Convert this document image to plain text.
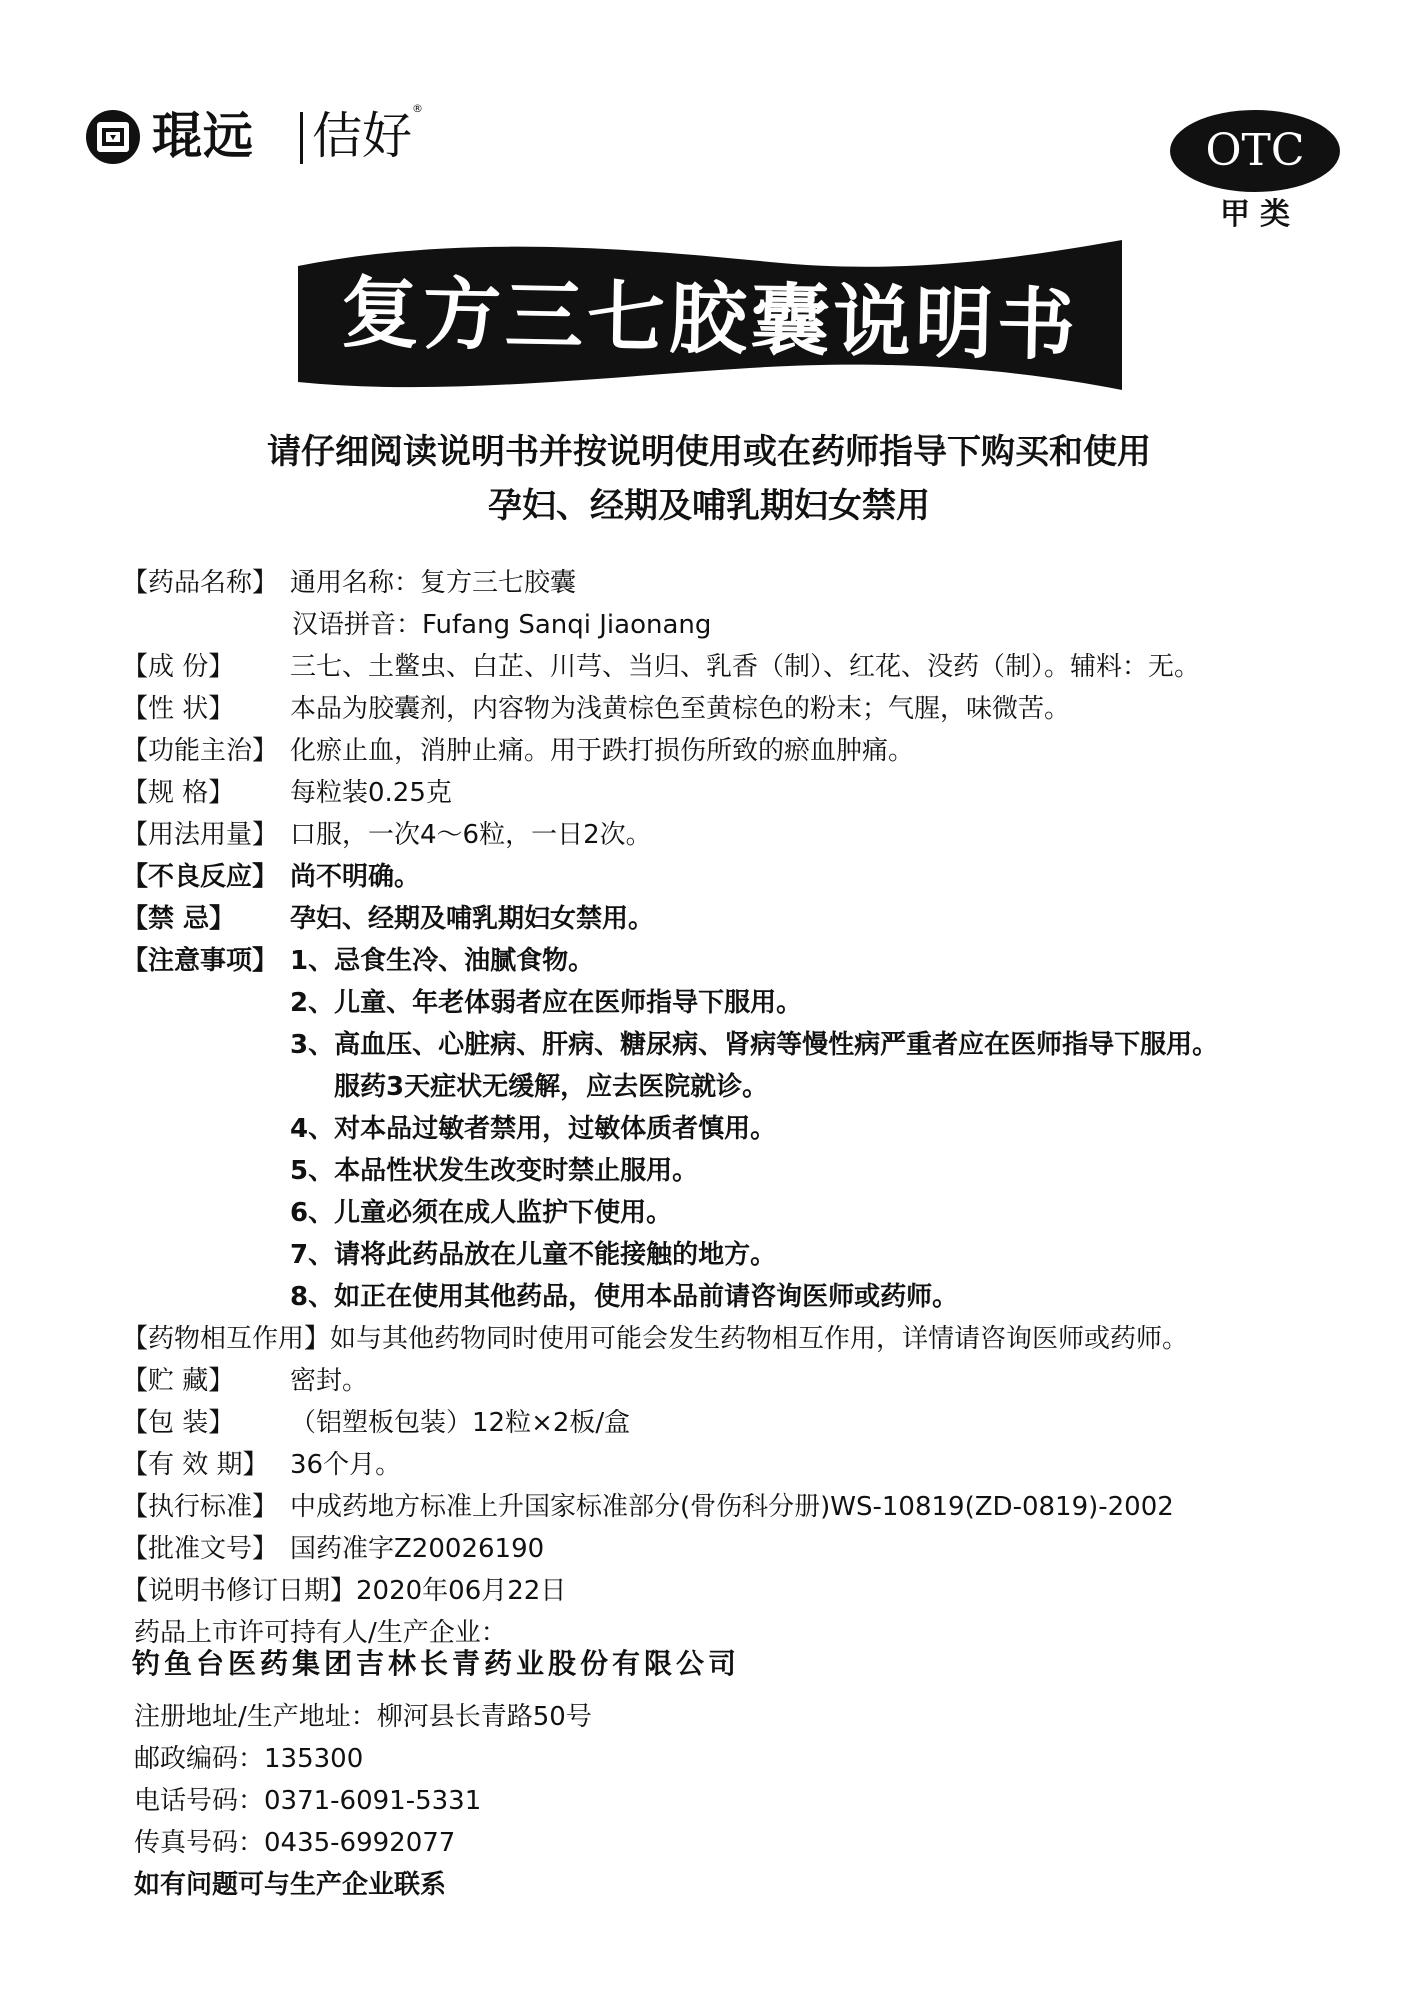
琨远 佶好 ®
OTC
甲类
复方三七胶囊说明书
请仔细阅读说明书并按说明使用或在药师指导下购买和使用
孕妇、经期及哺乳期妇女禁用
【药品名称】 通用名称：复方三七胶囊
汉语拼音：Fufang Sanqi Jiaonang
【成 份】 三七、土鳖虫、白芷、川芎、当归、乳香（制）、红花、没药（制）。辅料：无。
【性 状】 本品为胶囊剂，内容物为浅黄棕色至黄棕色的粉末；气腥，味微苦。
【功能主治】 化瘀止血，消肿止痛。用于跌打损伤所致的瘀血肿痛。
【规 格】 每粒装0.25克
【用法用量】 口服，一次4～6粒，一日2次。
【不良反应】 尚不明确。
【禁 忌】 孕妇、经期及哺乳期妇女禁用。
【注意事项】 1、忌食生冷、油腻食物。
2、儿童、年老体弱者应在医师指导下服用。
3、高血压、心脏病、肝病、糖尿病、肾病等慢性病严重者应在医师指导下服用。
服药3天症状无缓解，应去医院就诊。
4、对本品过敏者禁用，过敏体质者慎用。
5、本品性状发生改变时禁止服用。
6、儿童必须在成人监护下使用。
7、请将此药品放在儿童不能接触的地方。
8、如正在使用其他药品，使用本品前请咨询医师或药师。
【药物相互作用】如与其他药物同时使用可能会发生药物相互作用，详情请咨询医师或药师。
【贮 藏】 密封。
【包 装】 （铝塑板包装）12粒×2板/盒
【有 效 期】 36个月。
【执行标准】 中成药地方标准上升国家标准部分(骨伤科分册)WS-10819(ZD-0819)-2002
【批准文号】 国药准字Z20026190
【说明书修订日期】2020年06月22日
药品上市许可持有人/生产企业：
钓鱼台医药集团吉林长青药业股份有限公司
注册地址/生产地址：柳河县长青路50号
邮政编码：135300
电话号码：0371-6091-5331
传真号码：0435-6992077
如有问题可与生产企业联系
